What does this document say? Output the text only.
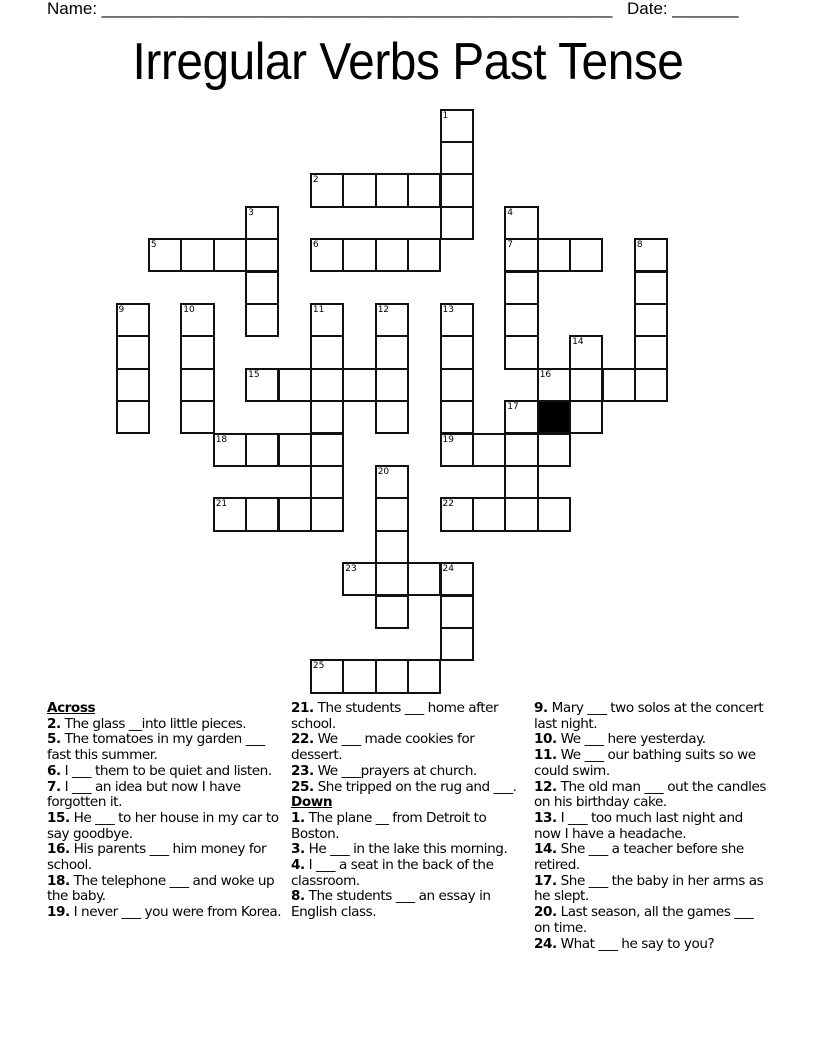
Name: ______________________________________________________ Date: _______
Irregular Verbs Past Tense
1
2
3	4
7
5	6	8
9	10	11	12	13
19
14
15	16
17
18
20
21	22
23	24
25
Across
2. The glass __into little pieces.
5. The tomatoes in my garden ___ fast this summer.
6. I ___ them to be quiet and listen.
7. I ___ an idea but now I have forgotten it.
15. He ___ to her house in my car to say goodbye.
16. His parents ___ him money for school.
18. The telephone ___ and woke up the baby.
19. I never ___ you were from Korea.
21. The students ___ home after school.
22. We ___ made cookies for dessert.
23. We ___prayers at church.
25. She tripped on the rug and ___.
Down
1. The plane __ from Detroit to Boston.
3. He ___ in the lake this morning.
4. I ___ a seat in the back of the classroom.
8. The students ___ an essay in English class.
9. Mary ___ two solos at the concert last night.
10. We ___ here yesterday.
11. We ___ our bathing suits so we could swim.
12. The old man ___ out the candles on his birthday cake.
13. I ___ too much last night and now I have a headache.
14. She ___ a teacher before she retired.
17. She ___ the baby in her arms as he slept.
20. Last season, all the games ___ on time.
24. What ___ he say to you?
